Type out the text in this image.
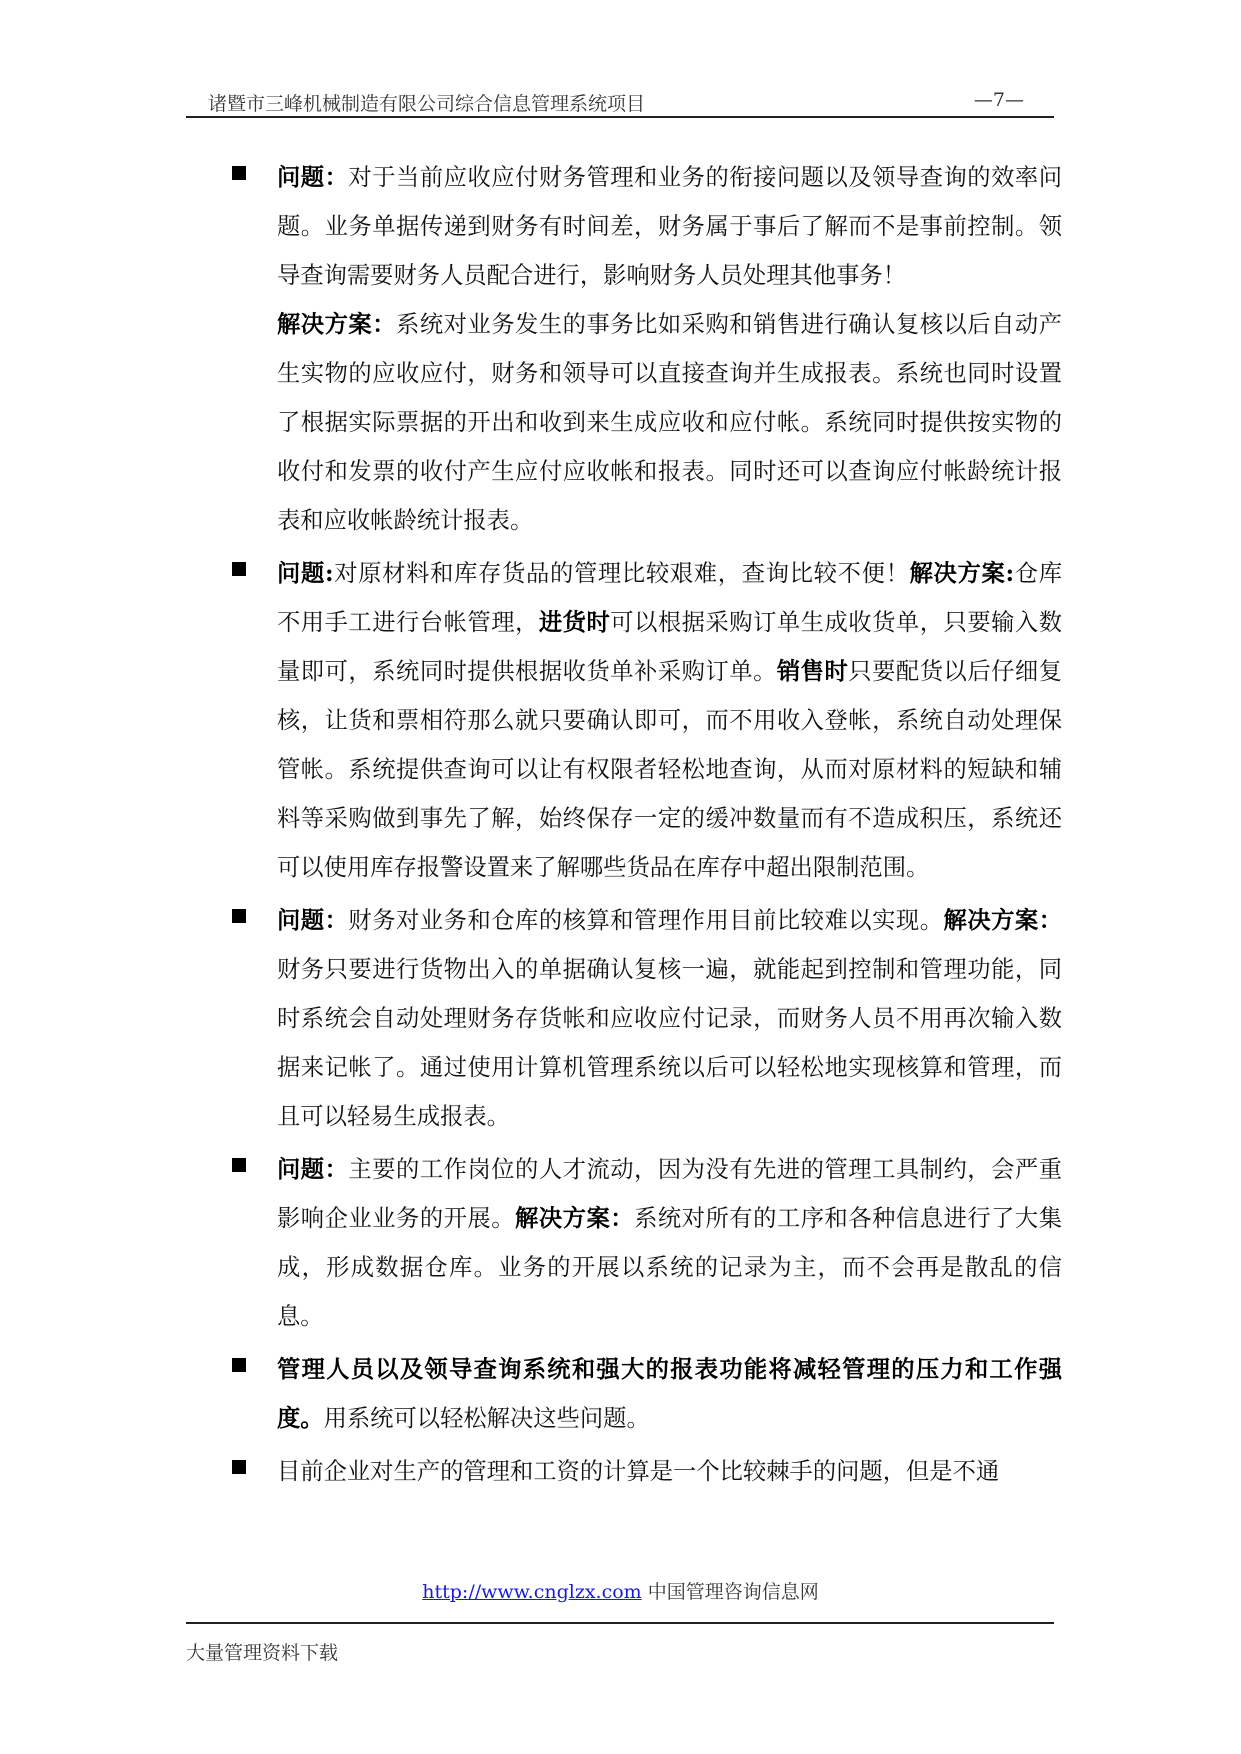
诸暨市三峰机械制造有限公司综合信息管理系统项目	—7—

问题：对于当前应收应付财务管理和业务的衔接问题以及领导查询的效率问题。业务单据传递到财务有时间差，财务属于事后了解而不是事前控制。领导查询需要财务人员配合进行，影响财务人员处理其他事务！
解决方案：系统对业务发生的事务比如采购和销售进行确认复核以后自动产生实物的应收应付，财务和领导可以直接查询并生成报表。系统也同时设置了根据实际票据的开出和收到来生成应收和应付帐。系统同时提供按实物的收付和发票的收付产生应付应收帐和报表。同时还可以查询应付帐龄统计报表和应收帐龄统计报表。

问题:对原材料和库存货品的管理比较艰难，查询比较不便！解决方案:仓库不用手工进行台帐管理，进货时可以根据采购订单生成收货单，只要输入数量即可，系统同时提供根据收货单补采购订单。销售时只要配货以后仔细复核，让货和票相符那么就只要确认即可，而不用收入登帐，系统自动处理保管帐。系统提供查询可以让有权限者轻松地查询，从而对原材料的短缺和辅料等采购做到事先了解，始终保存一定的缓冲数量而有不造成积压，系统还可以使用库存报警设置来了解哪些货品在库存中超出限制范围。

问题：财务对业务和仓库的核算和管理作用目前比较难以实现。解决方案：财务只要进行货物出入的单据确认复核一遍，就能起到控制和管理功能，同时系统会自动处理财务存货帐和应收应付记录，而财务人员不用再次输入数据来记帐了。通过使用计算机管理系统以后可以轻松地实现核算和管理，而且可以轻易生成报表。

问题：主要的工作岗位的人才流动，因为没有先进的管理工具制约，会严重影响企业业务的开展。解决方案：系统对所有的工序和各种信息进行了大集成，形成数据仓库。业务的开展以系统的记录为主，而不会再是散乱的信息。

管理人员以及领导查询系统和强大的报表功能将减轻管理的压力和工作强度。用系统可以轻松解决这些问题。

目前企业对生产的管理和工资的计算是一个比较棘手的问题，但是不通

http://www.cnglzx.com 中国管理咨询信息网
大量管理资料下载
